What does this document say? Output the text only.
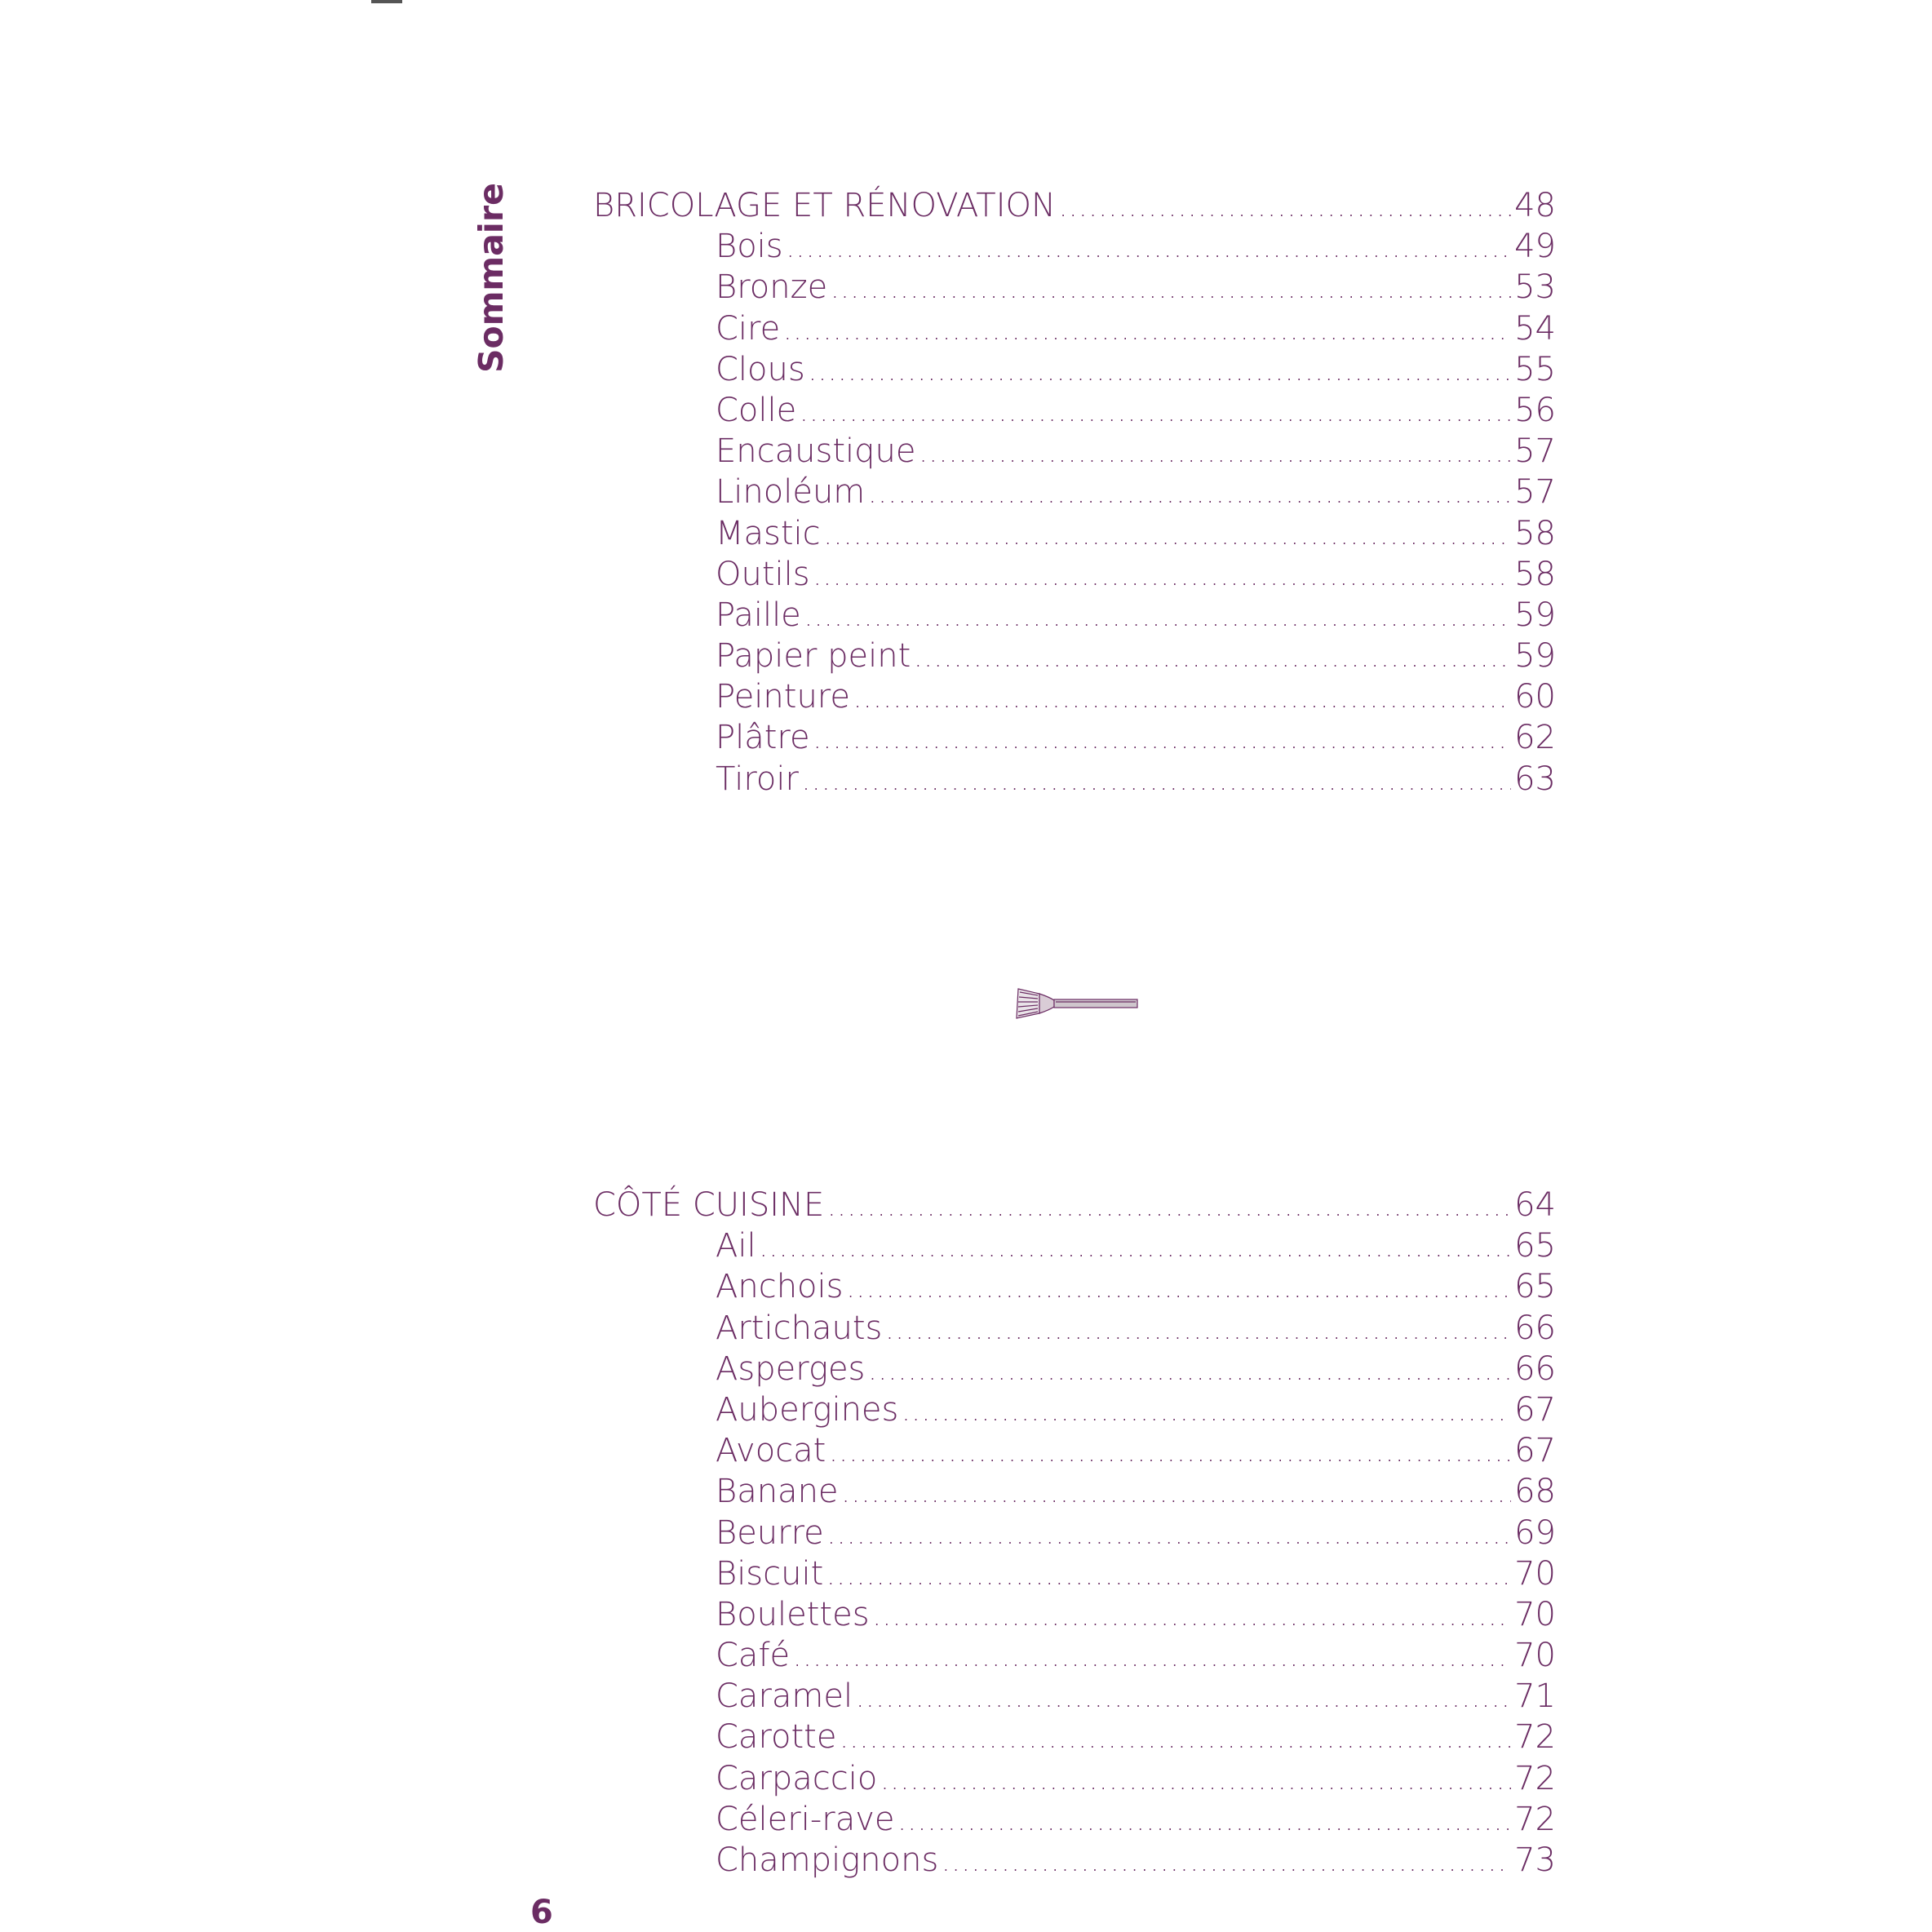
Sommaire	BRICOLAGE ET RÉNOVATION .....	48
Bois .....	49
Bronze .....	53
Cire .....	54
Clous .....	55
Colle .....	56
Encaustique .....	57
Linoléum .....	57
Mastic .....	58
Outils .....	58
Paille .....	59
Papier peint .....	59
Peinture .....	60
Plâtre .....	62
Tiroir .....	63
CÔTÉ CUISINE .....	64
Ail .....	65
Anchois .....	65
Artichauts .....	66
Asperges .....	66
Aubergines .....	67
Avocat .....	67
Banane .....	68
Beurre .....	69
Biscuit .....	70
Boulettes .....	70
Café .....	70
Caramel .....	71
Carotte .....	72
Carpaccio .....	72
Céleri-rave .....	72
Champignons .....	73
6
